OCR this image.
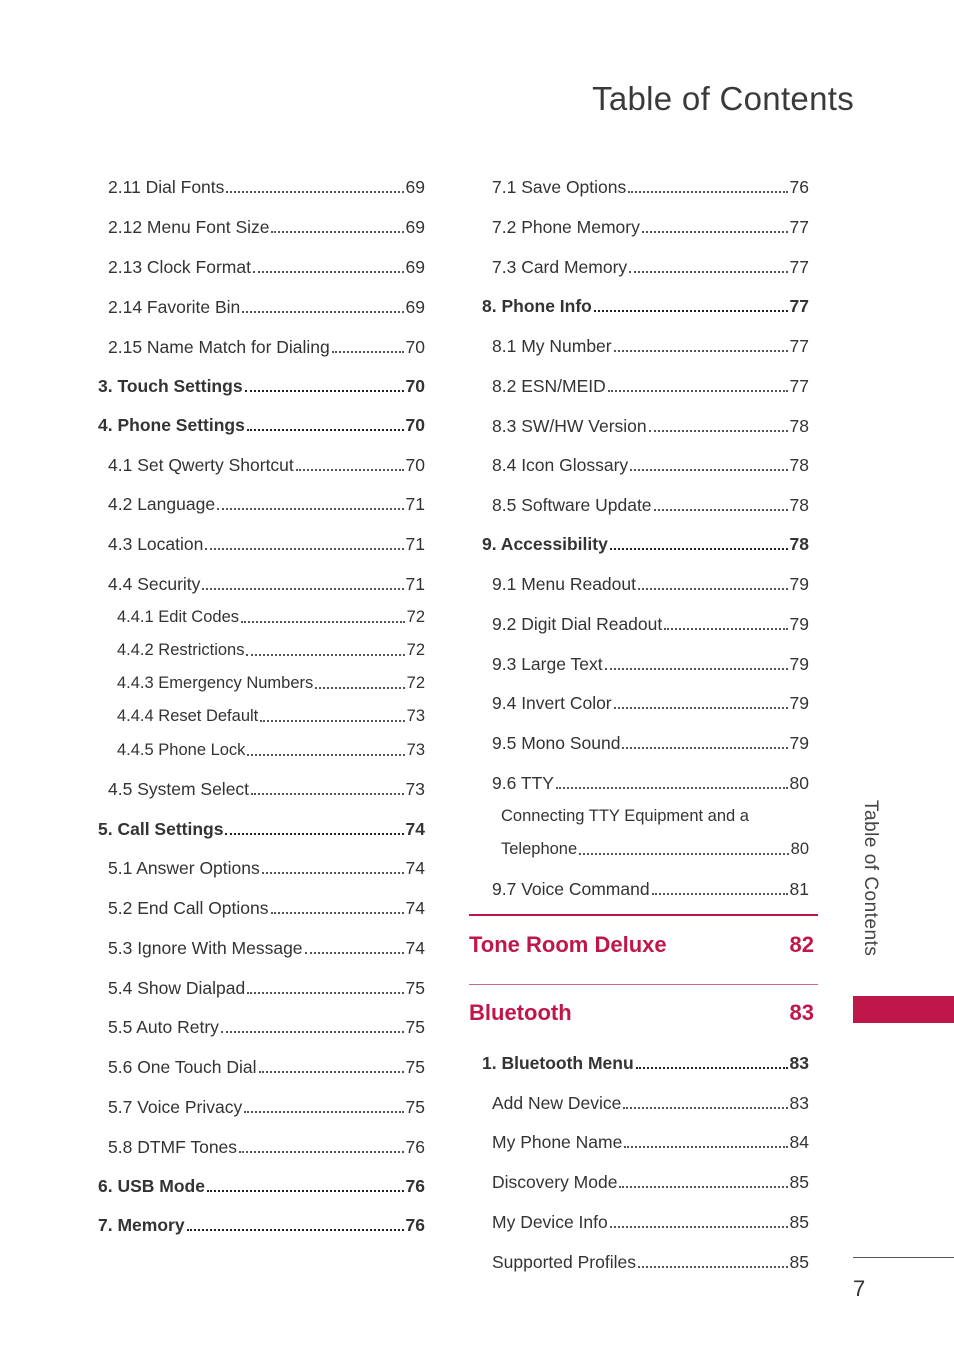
Table of Contents
2.11 Dial Fonts	69
2.12 Menu Font Size	69
2.13 Clock Format	69
2.14 Favorite Bin	69
2.15 Name Match for Dialing	70
3. Touch Settings	70
4. Phone Settings	70
4.1 Set Qwerty Shortcut	70
4.2 Language	71
4.3 Location	71
4.4 Security	71
4.4.1 Edit Codes	72
4.4.2 Restrictions	72
4.4.3 Emergency Numbers	72
4.4.4 Reset Default	73
4.4.5 Phone Lock	73
4.5 System Select	73
5. Call Settings	74
5.1 Answer Options	74
5.2 End Call Options	74
5.3 Ignore With Message	74
5.4 Show Dialpad	75
5.5 Auto Retry	75
5.6 One Touch Dial	75
5.7 Voice Privacy	75
5.8 DTMF Tones	76
6. USB Mode	76
7. Memory	76
7.1 Save Options	76
7.2 Phone Memory	77
7.3 Card Memory	77
8. Phone Info	77
8.1 My Number	77
8.2 ESN/MEID	77
8.3 SW/HW Version	78
8.4 Icon Glossary	78
8.5 Software Update	78
9. Accessibility	78
9.1 Menu Readout	79
9.2 Digit Dial Readout	79
9.3 Large Text	79
9.4 Invert Color	79
9.5 Mono Sound	79
9.6 TTY	80
Connecting TTY Equipment and a
Telephone	80
9.7 Voice Command	81
Tone Room Deluxe	82
Bluetooth	83
1. Bluetooth Menu	83
Add New Device	83
My Phone Name	84
Discovery Mode	85
My Device Info	85
Supported Profiles	85
Table of Contents
7
